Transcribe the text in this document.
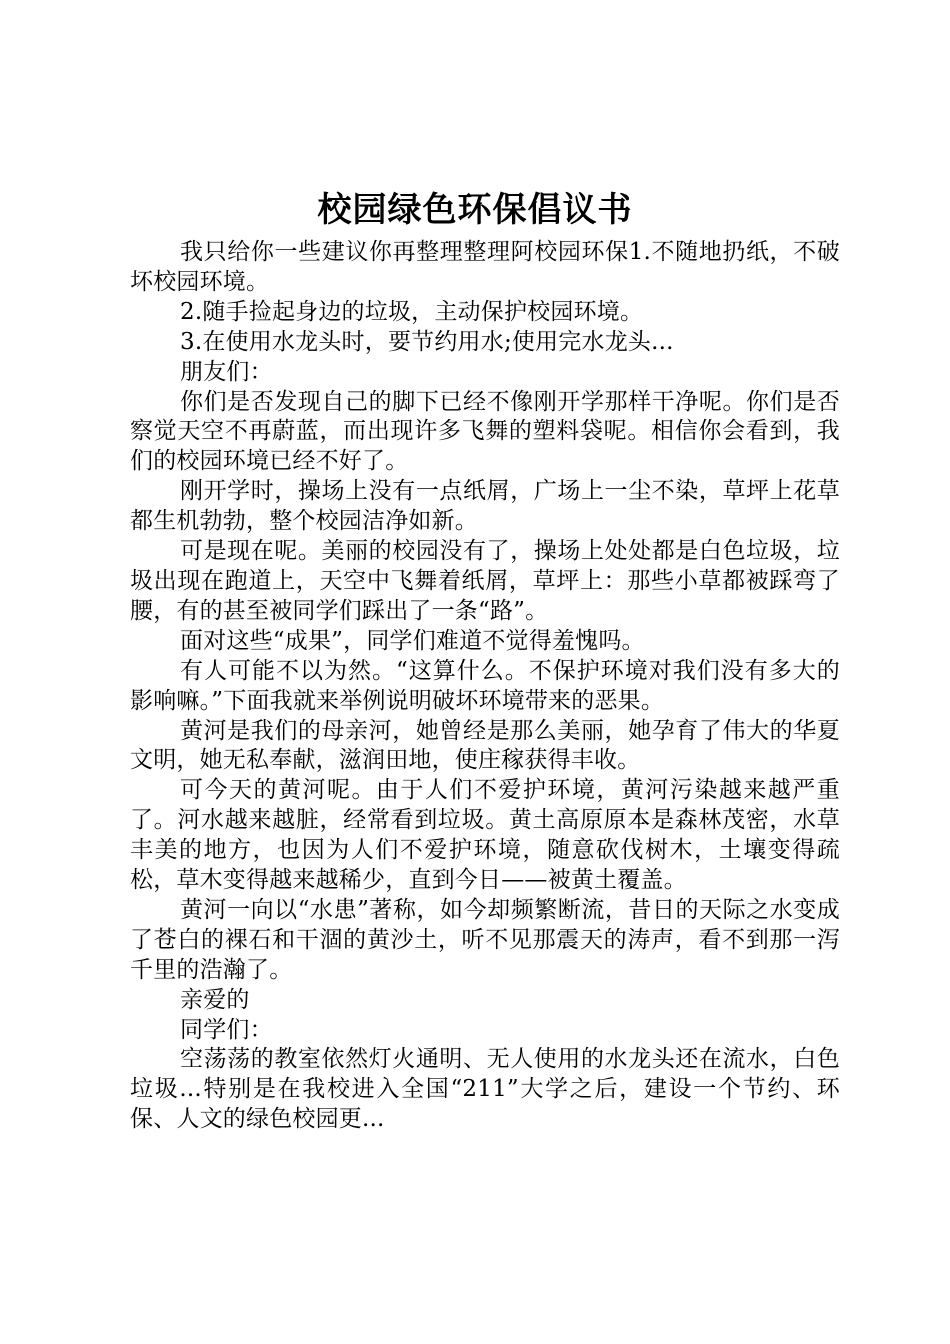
校园绿色环保倡议书

我只给你一些建议你再整理整理阿校园环保1.不随地扔纸，不破坏校园环境。

2.随手捡起身边的垃圾，主动保护校园环境。

3.在使用水龙头时，要节约用水;使用完水龙头...

朋友们：

你们是否发现自己的脚下已经不像刚开学那样干净呢。你们是否察觉天空不再蔚蓝，而出现许多飞舞的塑料袋呢。相信你会看到，我们的校园环境已经不好了。

刚开学时，操场上没有一点纸屑，广场上一尘不染，草坪上花草都生机勃勃，整个校园洁净如新。

可是现在呢。美丽的校园没有了，操场上处处都是白色垃圾，垃圾出现在跑道上，天空中飞舞着纸屑，草坪上：那些小草都被踩弯了腰，有的甚至被同学们踩出了一条“路”。

面对这些“成果”，同学们难道不觉得羞愧吗。

有人可能不以为然。“这算什么。不保护环境对我们没有多大的影响嘛。”下面我就来举例说明破坏环境带来的恶果。

黄河是我们的母亲河，她曾经是那么美丽，她孕育了伟大的华夏文明，她无私奉献，滋润田地，使庄稼获得丰收。

可今天的黄河呢。由于人们不爱护环境，黄河污染越来越严重了。河水越来越脏，经常看到垃圾。黄土高原原本是森林茂密，水草丰美的地方，也因为人们不爱护环境，随意砍伐树木，土壤变得疏松，草木变得越来越稀少，直到今日——被黄土覆盖。

黄河一向以“水患”著称，如今却频繁断流，昔日的天际之水变成了苍白的裸石和干涸的黄沙土，听不见那震天的涛声，看不到那一泻千里的浩瀚了。

亲爱的

同学们：

空荡荡的教室依然灯火通明、无人使用的水龙头还在流水，白色垃圾...特别是在我校进入全国“211”大学之后，建设一个节约、环保、人文的绿色校园更...
